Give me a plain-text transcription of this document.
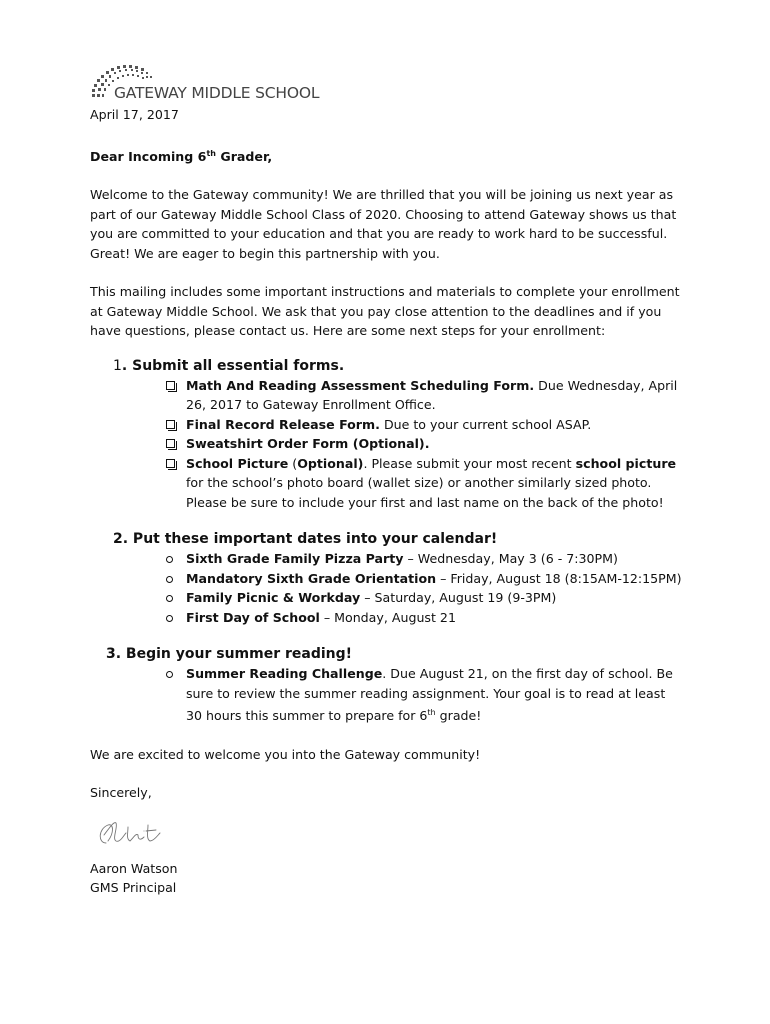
GATEWAY MIDDLE SCHOOL

April 17, 2017

Dear Incoming 6th Grader,

Welcome to the Gateway community! We are thrilled that you will be joining us next year as part of our Gateway Middle School Class of 2020. Choosing to attend Gateway shows us that you are committed to your education and that you are ready to work hard to be successful. Great! We are eager to begin this partnership with you.

This mailing includes some important instructions and materials to complete your enrollment at Gateway Middle School. We ask that you pay close attention to the deadlines and if you have questions, please contact us. Here are some next steps for your enrollment:

1. Submit all essential forms.
Math And Reading Assessment Scheduling Form. Due Wednesday, April 26, 2017 to Gateway Enrollment Office.
Final Record Release Form. Due to your current school ASAP.
Sweatshirt Order Form (Optional).
School Picture (Optional). Please submit your most recent school picture for the school’s photo board (wallet size) or another similarly sized photo. Please be sure to include your first and last name on the back of the photo!
2. Put these important dates into your calendar!
Sixth Grade Family Pizza Party – Wednesday, May 3 (6 - 7:30PM)
Mandatory Sixth Grade Orientation – Friday, August 18 (8:15AM-12:15PM)
Family Picnic & Workday – Saturday, August 19 (9-3PM)
First Day of School – Monday, August 21
3. Begin your summer reading!
Summer Reading Challenge. Due August 21, on the first day of school. Be sure to review the summer reading assignment. Your goal is to read at least 30 hours this summer to prepare for 6th grade!

We are excited to welcome you into the Gateway community!

Sincerely,

Aaron Watson

GMS Principal
